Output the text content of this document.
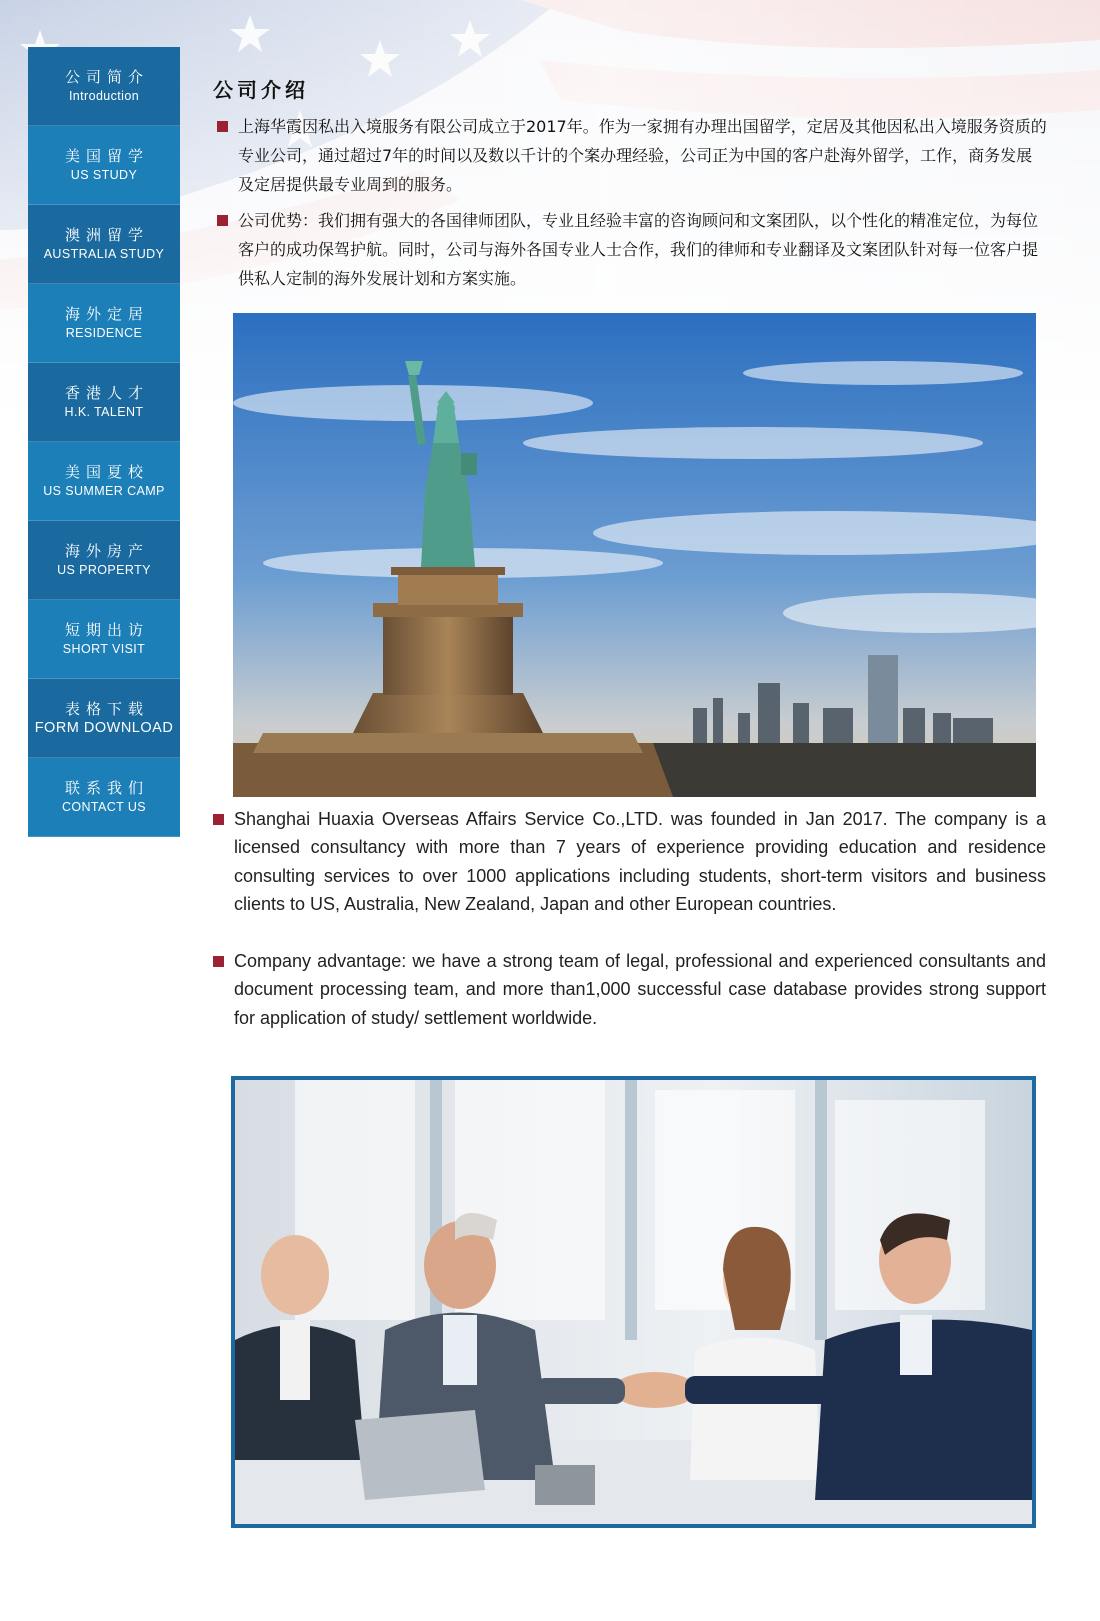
公司简介
Introduction
美国留学
US STUDY
澳洲留学
AUSTRALIA STUDY
海外定居
RESIDENCE
香港人才
H.K. TALENT
美国夏校
US SUMMER CAMP
海外房产
US PROPERTY
短期出访
SHORT VISIT
表格下载
FORM DOWNLOAD
联系我们
CONTACT US
公司介绍
上海华霞因私出入境服务有限公司成立于2017年。作为一家拥有办理出国留学，定居及其他因私出入境服务资质的专业公司，通过超过7年的时间以及数以千计的个案办理经验，公司正为中国的客户赴海外留学，工作，商务发展及定居提供最专业周到的服务。
公司优势：我们拥有强大的各国律师团队，专业且经验丰富的咨询顾问和文案团队，以个性化的精准定位，为每位客户的成功保驾护航。同时，公司与海外各国专业人士合作，我们的律师和专业翻译及文案团队针对每一位客户提供私人定制的海外发展计划和方案实施。
Shanghai Huaxia Overseas Affairs Service Co.,LTD. was founded in Jan 2017. The company is a licensed consultancy with more than 7 years of experience providing education and residence consulting services to over 1000 applications including students, short-term visitors and business clients to US, Australia, New Zealand, Japan and other European countries.
Company advantage: we have a strong team of legal, professional and experienced consultants and document processing team, and more than1,000 successful case database provides strong support for application of study/ settlement worldwide.
